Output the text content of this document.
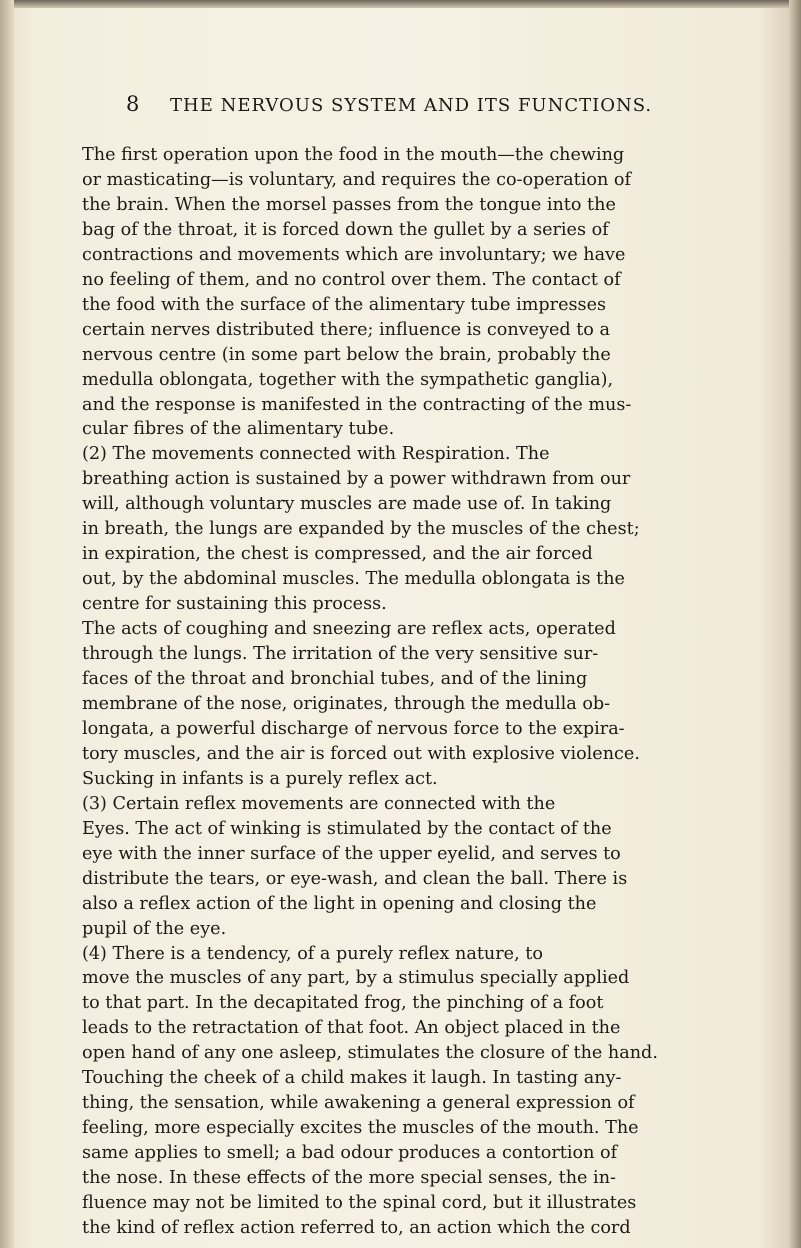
8 THE NERVOUS SYSTEM AND ITS FUNCTIONS.
The first operation upon the food in the mouth—the chewing
or masticating—is voluntary, and requires the co-operation of
the brain. When the morsel passes from the tongue into the
bag of the throat, it is forced down the gullet by a series of
contractions and movements which are involuntary; we have
no feeling of them, and no control over them. The contact of
the food with the surface of the alimentary tube impresses
certain nerves distributed there; influence is conveyed to a
nervous centre (in some part below the brain, probably the
medulla oblongata, together with the sympathetic ganglia),
and the response is manifested in the contracting of the mus-
cular fibres of the alimentary tube.
(2) The movements connected with Respiration. The
breathing action is sustained by a power withdrawn from our
will, although voluntary muscles are made use of. In taking
in breath, the lungs are expanded by the muscles of the chest;
in expiration, the chest is compressed, and the air forced
out, by the abdominal muscles. The medulla oblongata is the
centre for sustaining this process.
The acts of coughing and sneezing are reflex acts, operated
through the lungs. The irritation of the very sensitive sur-
faces of the throat and bronchial tubes, and of the lining
membrane of the nose, originates, through the medulla ob-
longata, a powerful discharge of nervous force to the expira-
tory muscles, and the air is forced out with explosive violence.
Sucking in infants is a purely reflex act.
(3) Certain reflex movements are connected with the
Eyes. The act of winking is stimulated by the contact of the
eye with the inner surface of the upper eyelid, and serves to
distribute the tears, or eye-wash, and clean the ball. There is
also a reflex action of the light in opening and closing the
pupil of the eye.
(4) There is a tendency, of a purely reflex nature, to
move the muscles of any part, by a stimulus specially applied
to that part. In the decapitated frog, the pinching of a foot
leads to the retractation of that foot. An object placed in the
open hand of any one asleep, stimulates the closure of the hand.
Touching the cheek of a child makes it laugh. In tasting any-
thing, the sensation, while awakening a general expression of
feeling, more especially excites the muscles of the mouth. The
same applies to smell; a bad odour produces a contortion of
the nose. In these effects of the more special senses, the in-
fluence may not be limited to the spinal cord, but it illustrates
the kind of reflex action referred to, an action which the cord
